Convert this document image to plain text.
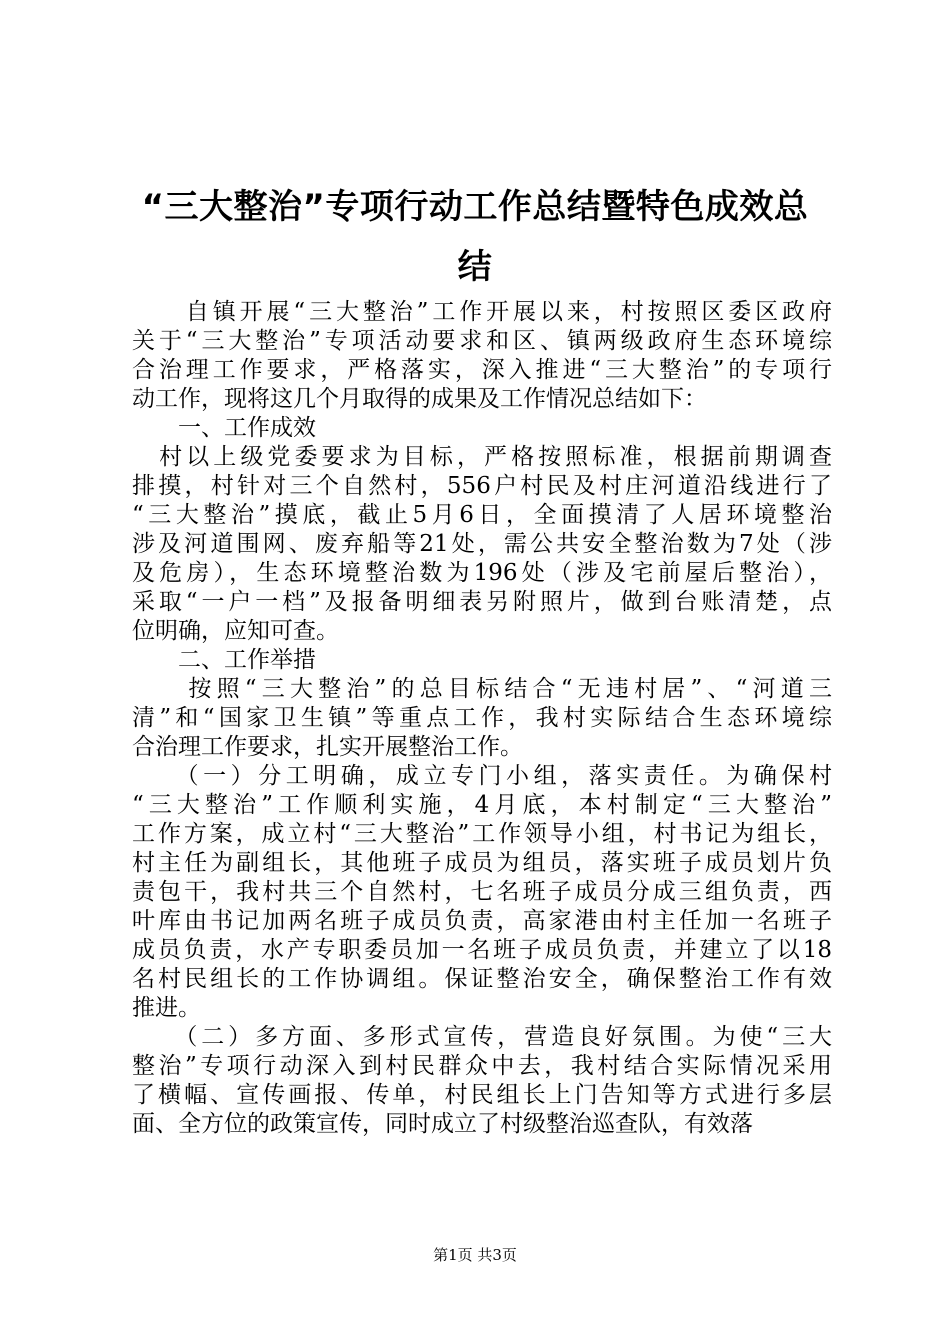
“三大整治”专项行动工作总结暨特色成效总
结
　　自镇开展“三大整治”工作开展以来，村按照区委区政府
关于“三大整治”专项活动要求和区、镇两级政府生态环境综
合治理工作要求，严格落实，深入推进“三大整治”的专项行
动工作，现将这几个月取得的成果及工作情况总结如下：
　　一、工作成效
　村以上级党委要求为目标，严格按照标准，根据前期调查
排摸，村针对三个自然村，556户村民及村庄河道沿线进行了
“三大整治”摸底，截止5月6日，全面摸清了人居环境整治
涉及河道围网、废弃船等21处，需公共安全整治数为7处（涉
及危房），生态环境整治数为196处（涉及宅前屋后整治），
采取“一户一档”及报备明细表另附照片，做到台账清楚，点
位明确，应知可查。
　　二、工作举措
　　按照“三大整治”的总目标结合“无违村居”、“河道三
清”和“国家卫生镇”等重点工作，我村实际结合生态环境综
合治理工作要求，扎实开展整治工作。
　　（一）分工明确，成立专门小组，落实责任。为确保村
“三大整治”工作顺利实施，4月底，本村制定“三大整治”
工作方案，成立村“三大整治”工作领导小组，村书记为组长，
村主任为副组长，其他班子成员为组员，落实班子成员划片负
责包干，我村共三个自然村，七名班子成员分成三组负责，西
叶库由书记加两名班子成员负责，高家港由村主任加一名班子
成员负责，水产专职委员加一名班子成员负责，并建立了以18
名村民组长的工作协调组。保证整治安全，确保整治工作有效
推进。
　　（二）多方面、多形式宣传，营造良好氛围。为使“三大
整治”专项行动深入到村民群众中去，我村结合实际情况采用
了横幅、宣传画报、传单，村民组长上门告知等方式进行多层
面、全方位的政策宣传，同时成立了村级整治巡查队，有效落
第1页 共3页
